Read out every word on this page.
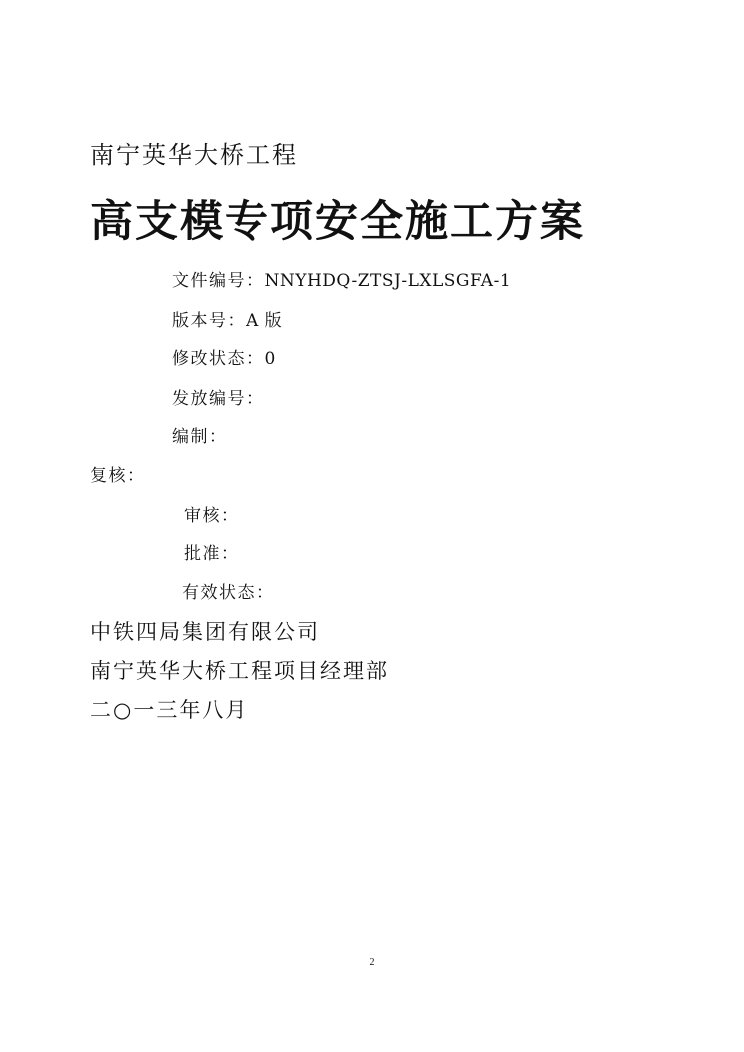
南宁英华大桥工程
高支模专项安全施工方案
文件编号：NNYHDQ-ZTSJ-LXLSGFA-1
版本号：A 版
修改状态：0
发放编号：
编制：
复核：
审核：
批准：
有效状态：
中铁四局集团有限公司
南宁英华大桥工程项目经理部
二○一三年八月
2
